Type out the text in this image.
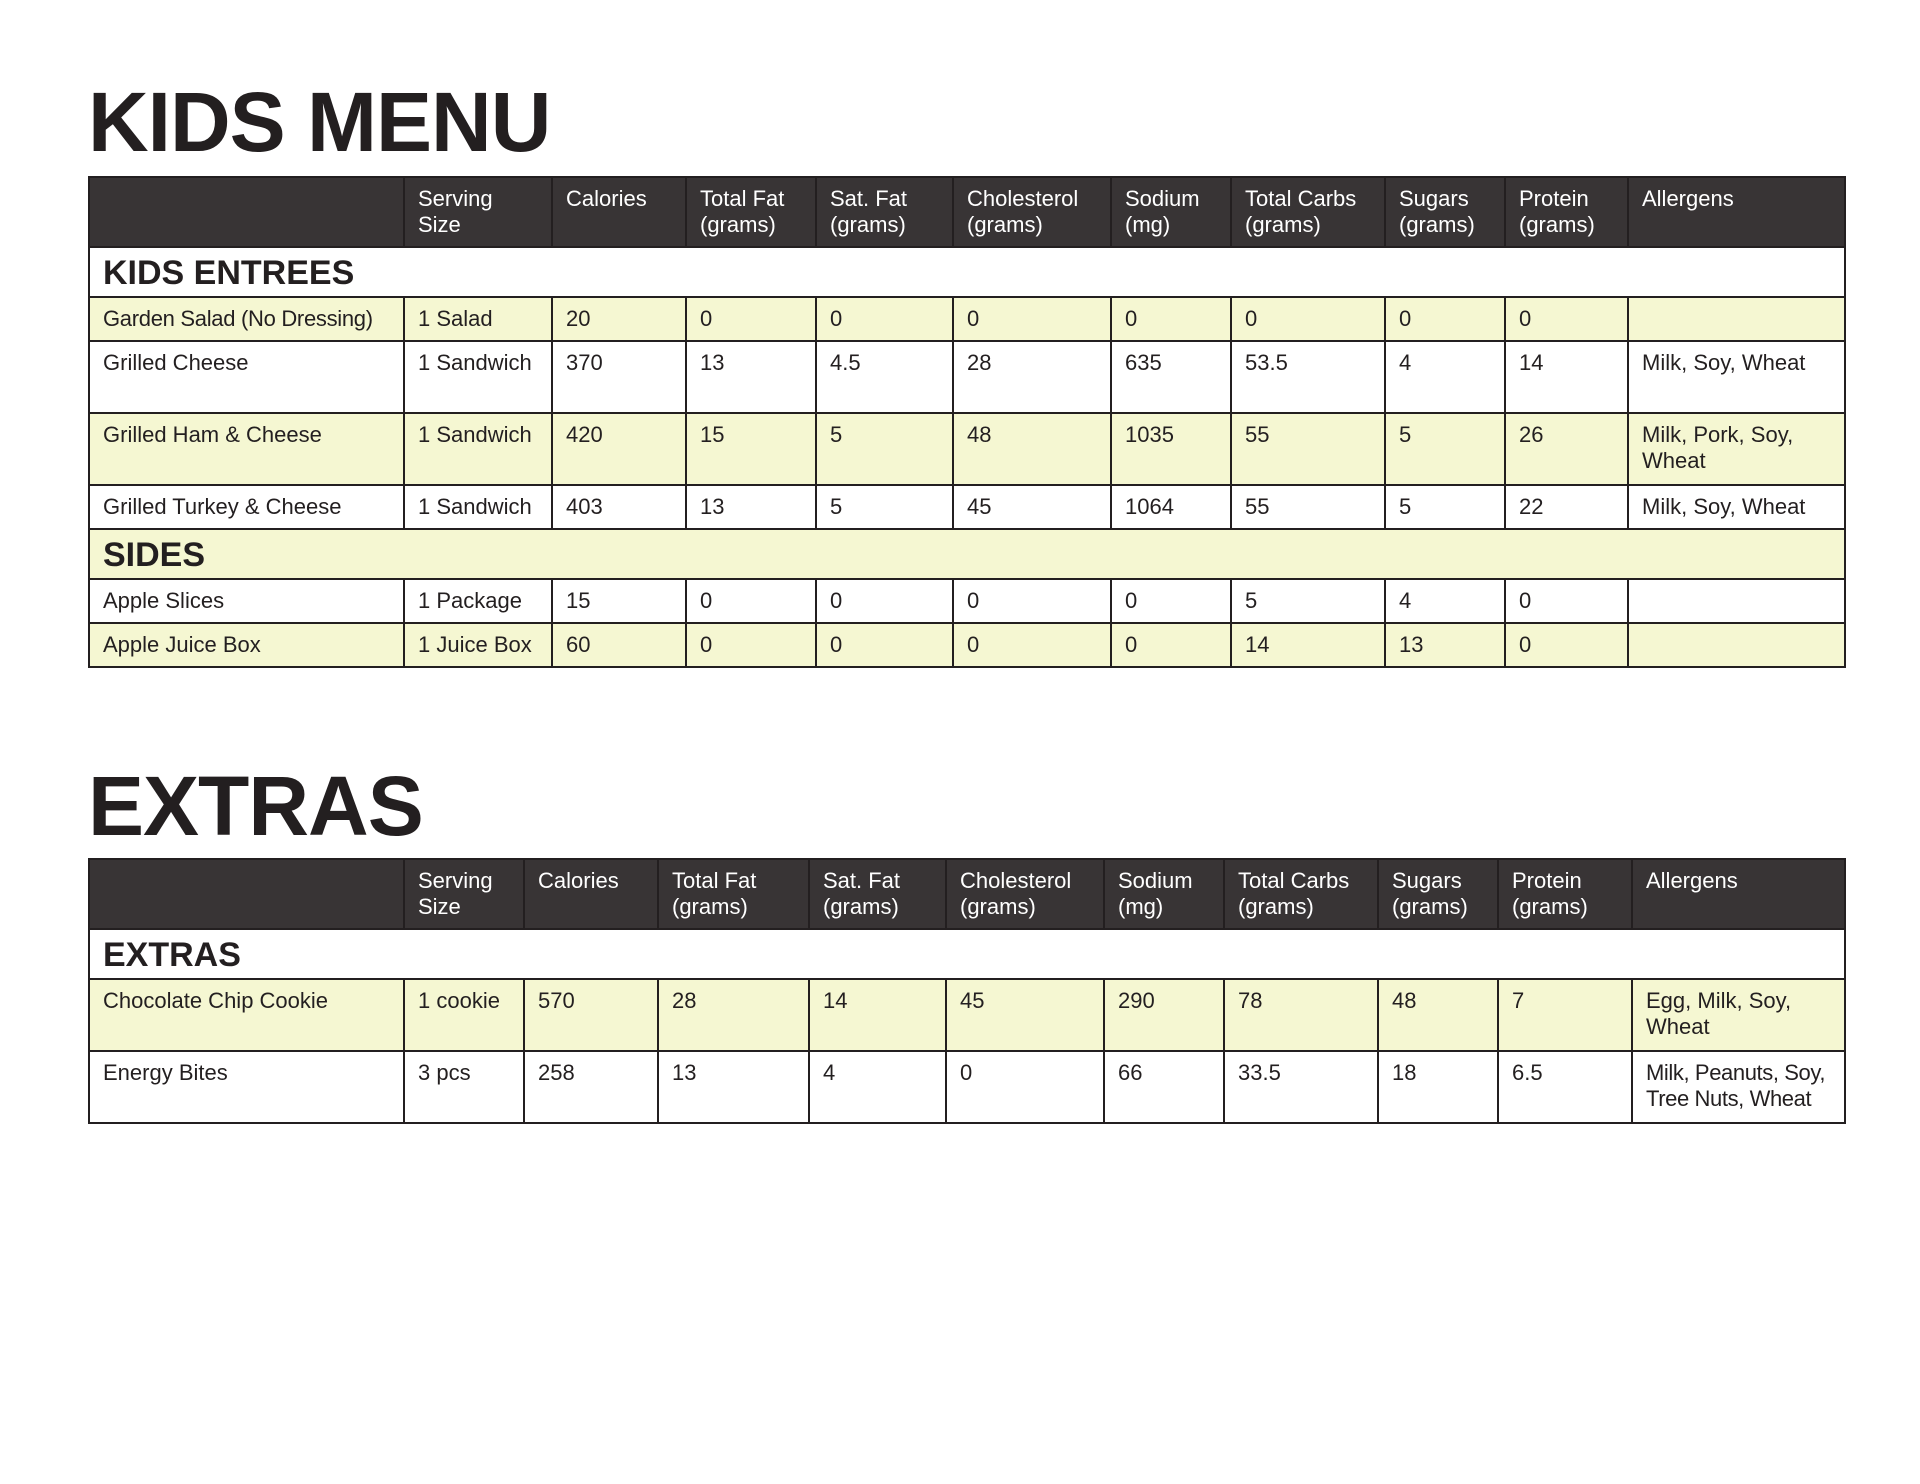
KIDS MENU
	Serving Size	Calories	Total Fat (grams)	Sat. Fat (grams)	Cholesterol (grams)	Sodium (mg)	Total Carbs (grams)	Sugars (grams)	Protein (grams)	Allergens
KIDS ENTREES										
Garden Salad (No Dressing)	1 Salad	20	0	0	0	0	0	0	0	
Grilled Cheese	1 Sandwich	370	13	4.5	28	635	53.5	4	14	Milk, Soy, Wheat
Grilled Ham & Cheese	1 Sandwich	420	15	5	48	1035	55	5	26	Milk, Pork, Soy, Wheat
Grilled Turkey & Cheese	1 Sandwich	403	13	5	45	1064	55	5	22	Milk, Soy, Wheat
SIDES										
Apple Slices	1 Package	15	0	0	0	0	5	4	0	
Apple Juice Box	1 Juice Box	60	0	0	0	0	14	13	0	
EXTRAS
	Serving Size	Calories	Total Fat (grams)	Sat. Fat (grams)	Cholesterol (grams)	Sodium (mg)	Total Carbs (grams)	Sugars (grams)	Protein (grams)	Allergens
EXTRAS										
Chocolate Chip Cookie	1 cookie	570	28	14	45	290	78	48	7	Egg, Milk, Soy, Wheat
Energy Bites	3 pcs	258	13	4	0	66	33.5	18	6.5	Milk, Peanuts, Soy, Tree Nuts, Wheat
